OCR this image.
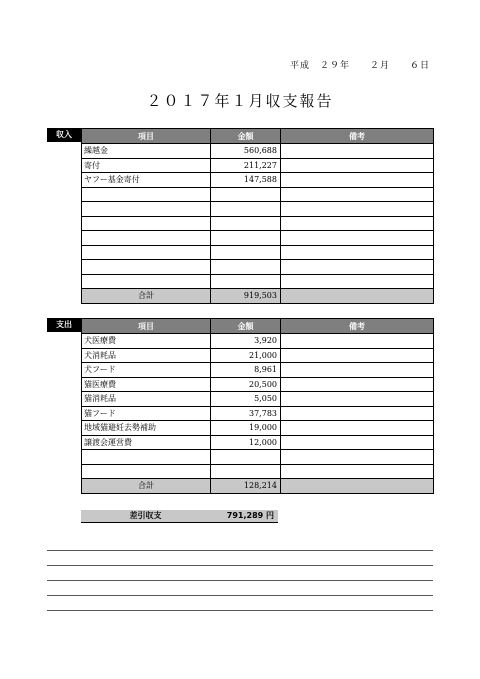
平成　２９年　　２月　　６日
２０１７年１月収支報告
収入	項目	金額	備考
繰越金	560,688	
寄付	211,227	
ヤフー基金寄付	147,588	

合計	919,503	
支出	項目	金額	備考
犬医療費	3,920	
犬消耗品	21,000	
犬フード	8,961	
猫医療費	20,500	
猫消耗品	5,050	
猫フード	37,783	
地域猫避妊去勢補助	19,000	
譲渡会運営費	12,000	

合計	128,214	
差引収支	791,289 円
